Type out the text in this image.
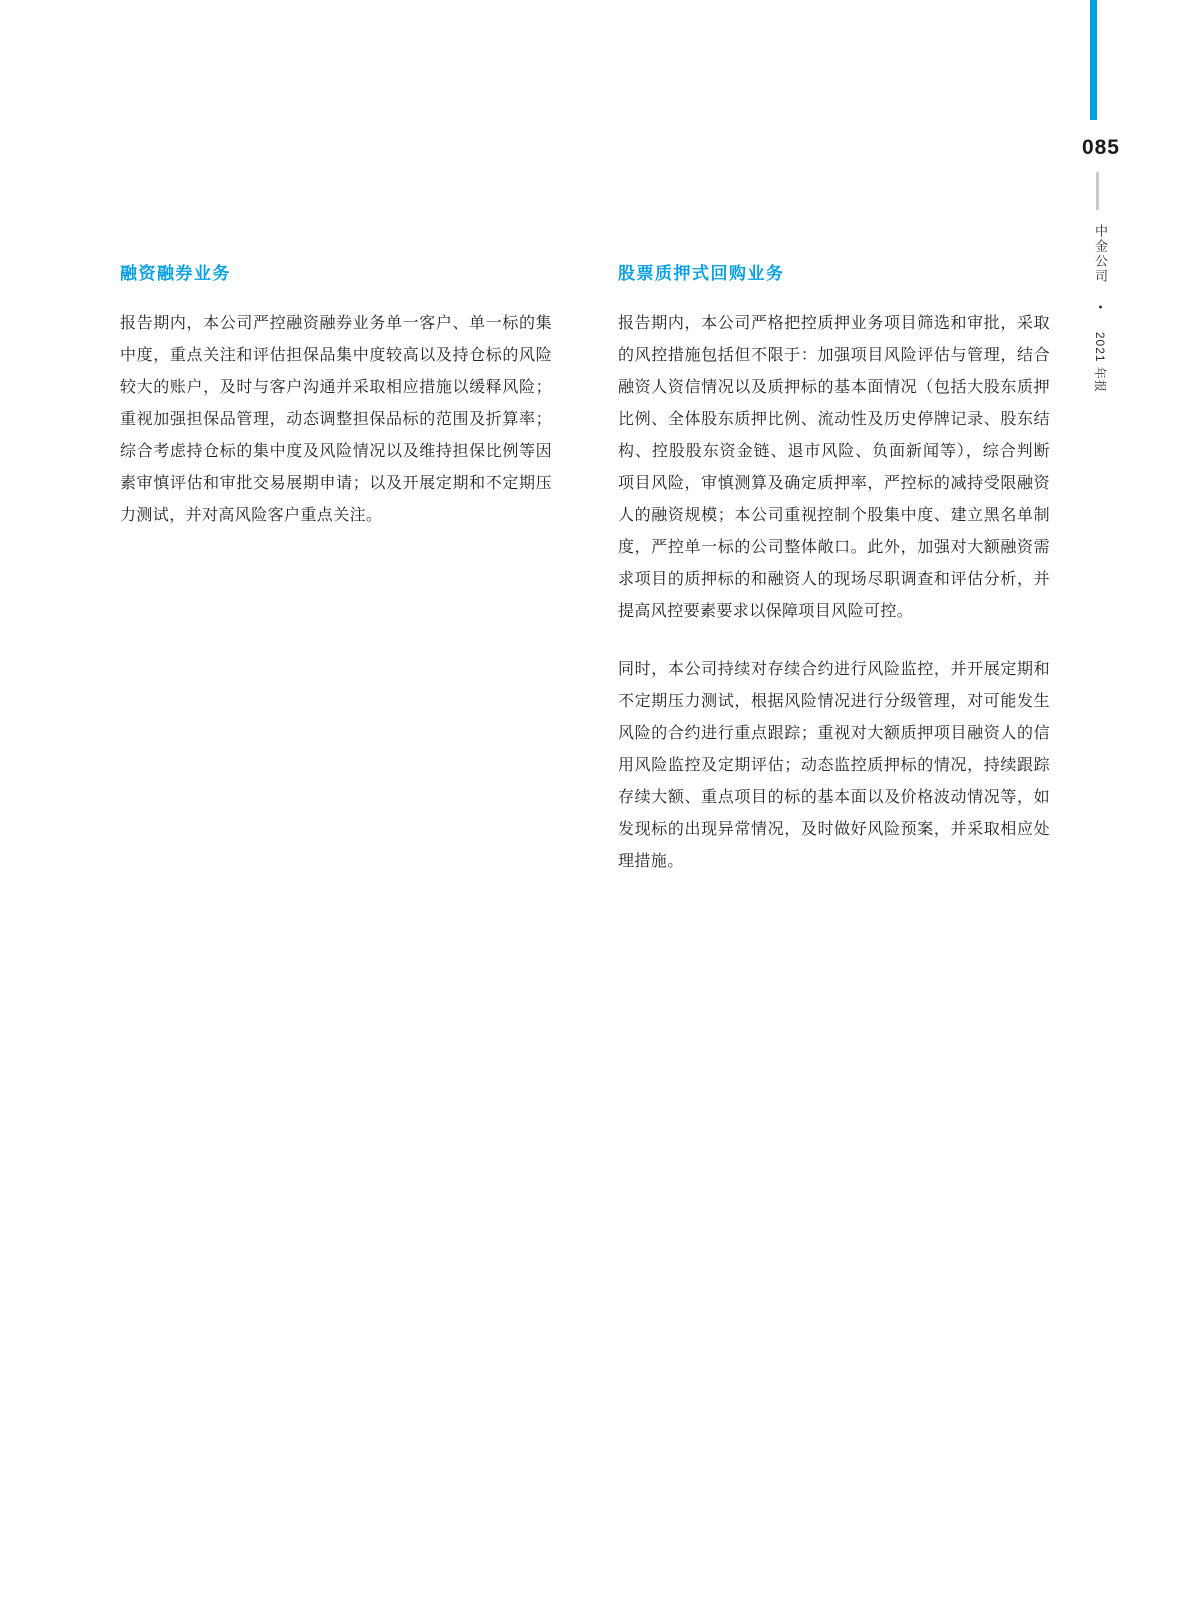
085
中金公司 • 2021 年报
融资融券业务

报告期内，本公司严控融资融券业务单一客户、单一标的集中度，重点关注和评估担保品集中度较高以及持仓标的风险较大的账户，及时与客户沟通并采取相应措施以缓释风险；重视加强担保品管理，动态调整担保品标的范围及折算率；综合考虑持仓标的集中度及风险情况以及维持担保比例等因素审慎评估和审批交易展期申请；以及开展定期和不定期压力测试，并对高风险客户重点关注。

股票质押式回购业务

报告期内，本公司严格把控质押业务项目筛选和审批，采取的风控措施包括但不限于：加强项目风险评估与管理，结合融资人资信情况以及质押标的基本面情况（包括大股东质押比例、全体股东质押比例、流动性及历史停牌记录、股东结构、控股股东资金链、退市风险、负面新闻等），综合判断项目风险，审慎测算及确定质押率，严控标的减持受限融资人的融资规模；本公司重视控制个股集中度、建立黑名单制度，严控单一标的公司整体敞口。此外，加强对大额融资需求项目的质押标的和融资人的现场尽职调查和评估分析，并提高风控要素要求以保障项目风险可控。

同时，本公司持续对存续合约进行风险监控，并开展定期和不定期压力测试，根据风险情况进行分级管理，对可能发生风险的合约进行重点跟踪；重视对大额质押项目融资人的信用风险监控及定期评估；动态监控质押标的情况，持续跟踪存续大额、重点项目的标的基本面以及价格波动情况等，如发现标的出现异常情况，及时做好风险预案，并采取相应处理措施。
